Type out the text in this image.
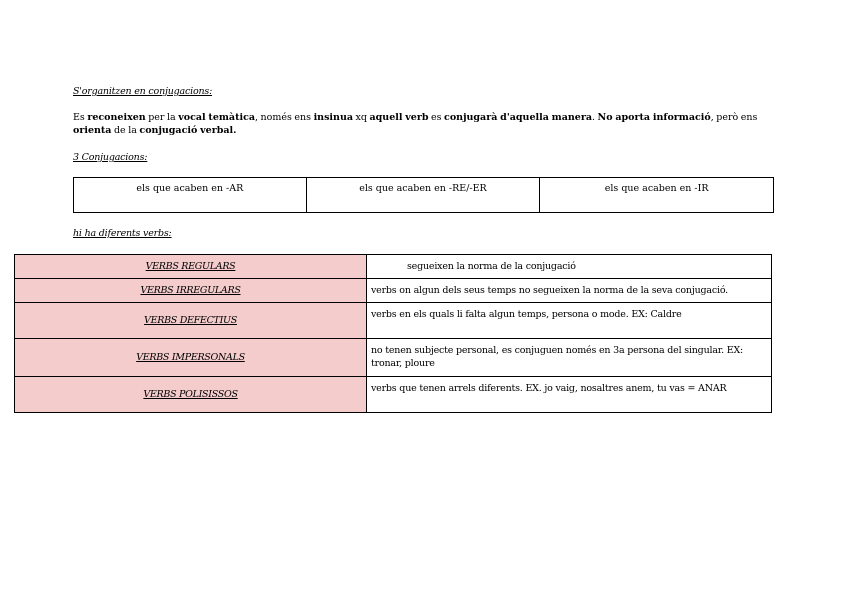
S'organitzen en conjugacions:
Es reconeixen per la vocal temàtica, només ens insinua xq aquell verb es conjugarà d'aquella manera. No aporta informació, però ens orienta de la conjugació verbal.
3 Conjugacions:
els que acaben en -AR	els que acaben en -RE/-ER	els que acaben en -IR
hi ha diferents verbs:
VERBS REGULARS	segueixen la norma de la conjugació
VERBS IRREGULARS	verbs on algun dels seus temps no segueixen la norma de la seva conjugació.
VERBS DEFECTIUS	verbs en els quals li falta algun temps, persona o mode. EX: Caldre
VERBS IMPERSONALS	no tenen subjecte personal, es conjuguen només en 3a persona del singular. EX: tronar, ploure
VERBS POLISISSOS	verbs que tenen arrels diferents. EX. jo vaig, nosaltres anem, tu vas = ANAR
